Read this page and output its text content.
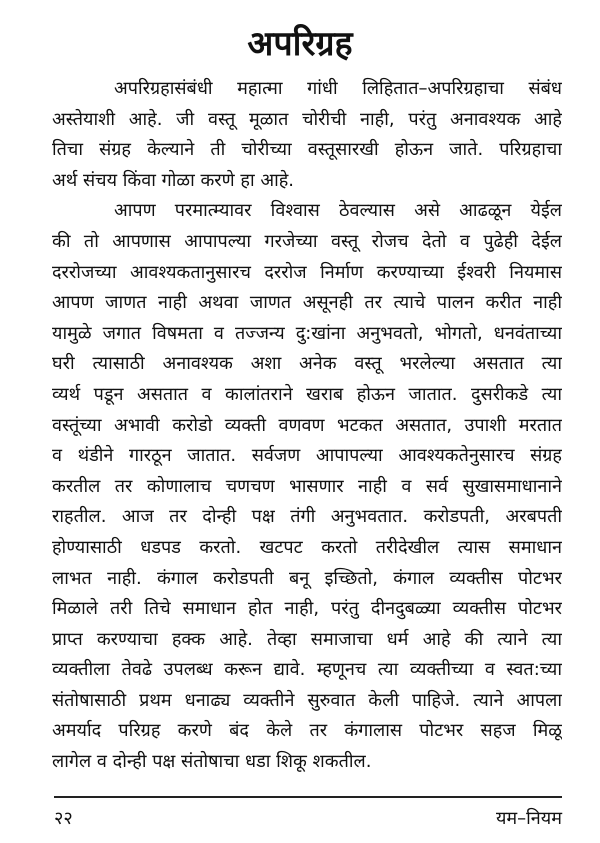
अपरिग्रह

अपरिग्रहासंबंधी महात्मा गांधी लिहितात–अपरिग्रहाचा संबंध
अस्तेयाशी आहे. जी वस्तू मूळात चोरीची नाही, परंतु अनावश्यक आहे
तिचा संग्रह केल्याने ती चोरीच्या वस्तूसारखी होऊन जाते. परिग्रहाचा
अर्थ संचय किंवा गोळा करणे हा आहे.

आपण परमात्म्यावर विश्वास ठेवल्यास असे आढळून येईल
की तो आपणास आपापल्या गरजेच्या वस्तू रोजच देतो व पुढेही देईल
दररोजच्या आवश्यकतानुसारच दररोज निर्माण करण्याच्या ईश्वरी नियमास
आपण जाणत नाही अथवा जाणत असूनही तर त्याचे पालन करीत नाही
यामुळे जगात विषमता व तज्जन्य दु:खांना अनुभवतो, भोगतो, धनवंताच्या
घरी त्यासाठी अनावश्यक अशा अनेक वस्तू भरलेल्या असतात त्या
व्यर्थ पडून असतात व कालांतराने खराब होऊन जातात. दुसरीकडे त्या
वस्तूंच्या अभावी करोडो व्यक्ती वणवण भटकत असतात, उपाशी मरतात
व थंडीने गारठून जातात. सर्वजण आपापल्या आवश्यकतेनुसारच संग्रह
करतील तर कोणालाच चणचण भासणार नाही व सर्व सुखासमाधानाने
राहतील. आज तर दोन्ही पक्ष तंगी अनुभवतात. करोडपती, अरबपती
होण्यासाठी धडपड करतो. खटपट करतो तरीदेखील त्यास समाधान
लाभत नाही. कंगाल करोडपती बनू इच्छितो, कंगाल व्यक्तीस पोटभर
मिळाले तरी तिचे समाधान होत नाही, परंतु दीनदुबळ्या व्यक्तीस पोटभर
प्राप्त करण्याचा हक्क आहे. तेव्हा समाजाचा धर्म आहे की त्याने त्या
व्यक्तीला तेवढे उपलब्ध करून द्यावे. म्हणूनच त्या व्यक्तीच्या व स्वत:च्या
संतोषासाठी प्रथम धनाढ्य व्यक्तीने सुरुवात केली पाहिजे. त्याने आपला
अमर्याद परिग्रह करणे बंद केले तर कंगालास पोटभर सहज मिळू
लागेल व दोन्ही पक्ष संतोषाचा धडा शिकू शकतील.

२२	यम–नियम
